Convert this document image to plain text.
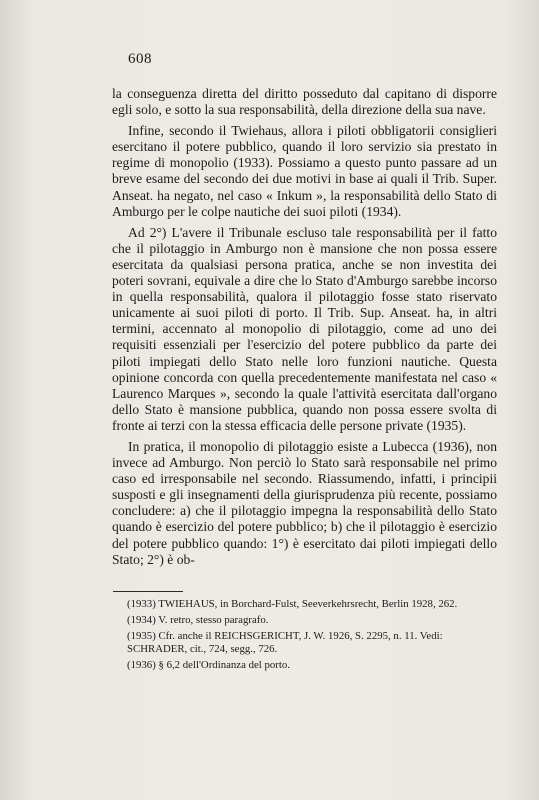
608

la conseguenza diretta del diritto posseduto dal capitano di disporre egli solo, e sotto la sua responsabilità, della direzione della sua nave.

Infine, secondo il Twiehaus, allora i piloti obbligatorii consiglieri esercitano il potere pubblico, quando il loro servizio sia prestato in regime di monopolio (1933). Possiamo a questo punto passare ad un breve esame del secondo dei due motivi in base ai quali il Trib. Super. Anseat. ha negato, nel caso « Inkum », la responsabilità dello Stato di Amburgo per le colpe nautiche dei suoi piloti (1934).

Ad 2°) L'avere il Tribunale escluso tale responsabilità per il fatto che il pilotaggio in Amburgo non è mansione che non possa essere esercitata da qualsiasi persona pratica, anche se non investita dei poteri sovrani, equivale a dire che lo Stato d'Amburgo sarebbe incorso in quella responsabilità, qualora il pilotaggio fosse stato riservato unicamente ai suoi piloti di porto. Il Trib. Sup. Anseat. ha, in altri termini, accennato al monopolio di pilotaggio, come ad uno dei requisiti essenziali per l'esercizio del potere pubblico da parte dei piloti impiegati dello Stato nelle loro funzioni nautiche. Questa opinione concorda con quella precedentemente manifestata nel caso « Laurenco Marques », secondo la quale l'attività esercitata dall'organo dello Stato è mansione pubblica, quando non possa essere svolta di fronte ai terzi con la stessa efficacia delle persone private (1935).

In pratica, il monopolio di pilotaggio esiste a Lubecca (1936), non invece ad Amburgo. Non perciò lo Stato sarà responsabile nel primo caso ed irresponsabile nel secondo. Riassumendo, infatti, i principii susposti e gli insegnamenti della giurisprudenza più recente, possiamo concludere: a) che il pilotaggio impegna la responsabilità dello Stato quando è esercizio del potere pubblico; b) che il pilotaggio è esercizio del potere pubblico quando: 1°) è esercitato dai piloti impiegati dello Stato; 2°) è ob-

(1933) TWIEHAUS, in Borchard-Fulst, Seeverkehrsrecht, Berlin 1928, 262.
(1934) V. retro, stesso paragrafo.
(1935) Cfr. anche il REICHSGERICHT, J. W. 1926, S. 2295, n. 11. Vedi: SCHRADER, cit., 724, segg., 726.
(1936) § 6,2 dell'Ordinanza del porto.
